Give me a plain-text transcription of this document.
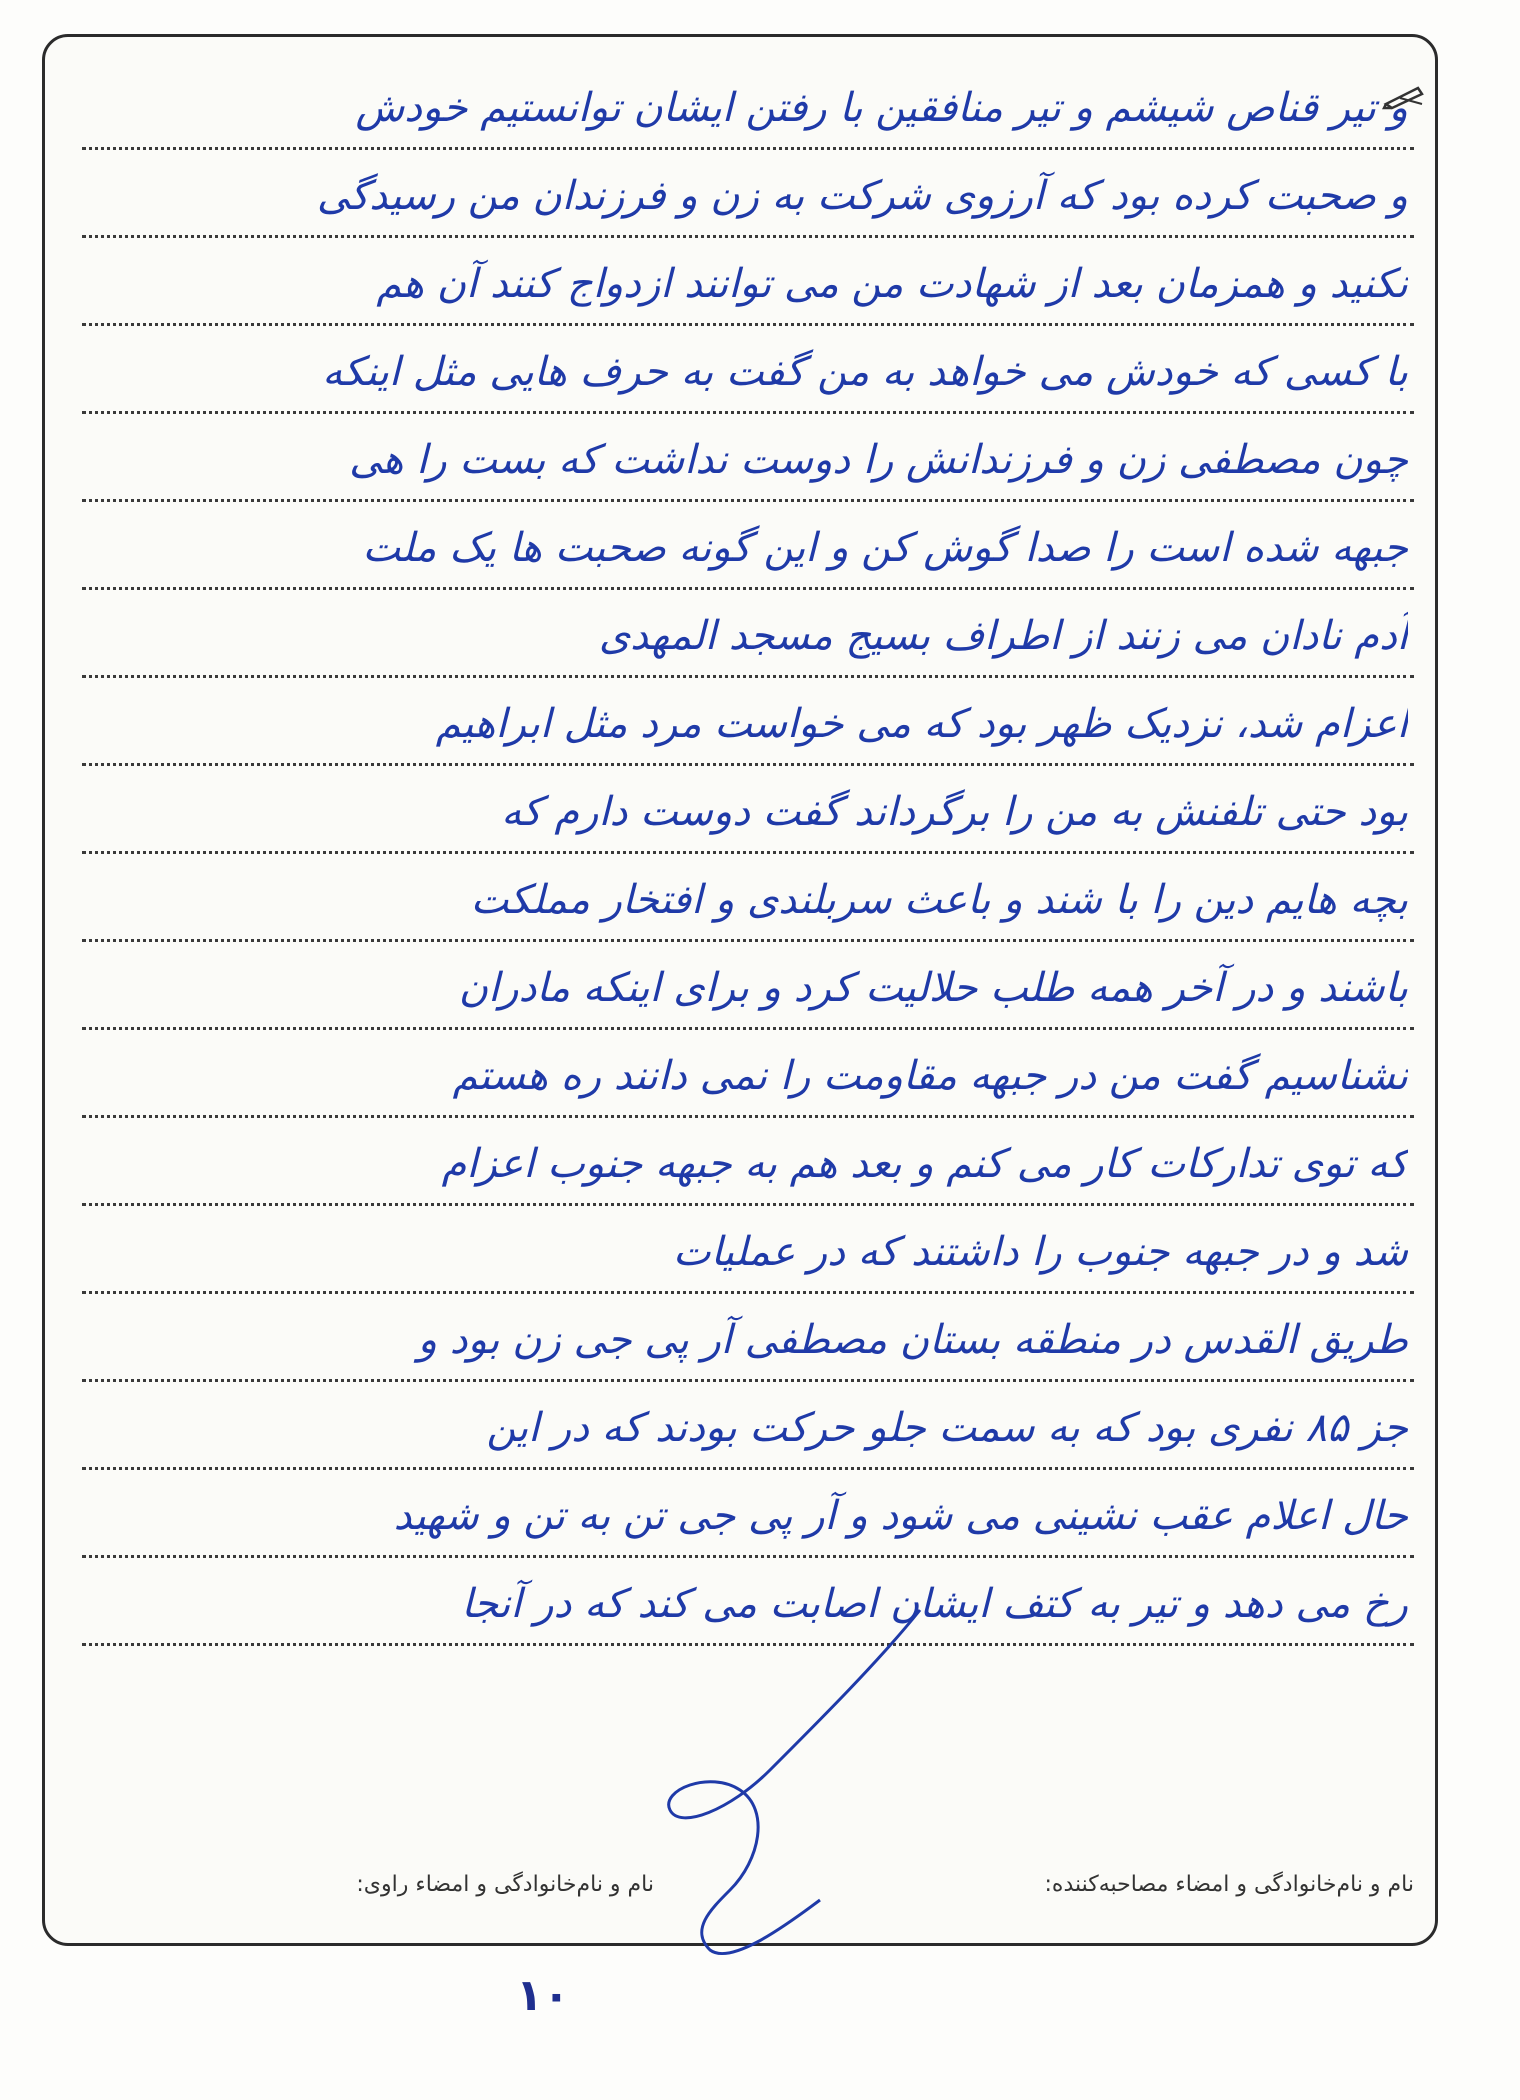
و تیر قناص شیشم و تیر منافقین با رفتن ایشان توانستیم خودش
و صحبت کرده بود که آرزوی شرکت به زن و فرزندان من رسیدگی
نکنید و همزمان بعد از شهادت من می توانند ازدواج کنند آن هم
با کسی که خودش می خواهد به من گفت به حرف هایی مثل اینکه
چون مصطفی زن و فرزندانش را دوست نداشت که بست را هی
جبهه شده است را صدا گوش کن و این گونه صحبت ها یک ملت
آدم نادان می زنند از اطراف بسیج مسجد المهدی
اعزام شد، نزدیک ظهر بود که می خواست مرد مثل ابراهیم
بود حتی تلفنش به من را برگرداند گفت دوست دارم که
بچه هایم دین را با شند و باعث سربلندی و افتخار مملکت
باشند و در آخر همه طلب حلالیت کرد و برای اینکه مادران
نشناسیم گفت من در جبهه مقاومت را نمی دانند ره هستم
که توی تدارکات کار می کنم و بعد هم به جبهه جنوب اعزام
شد و در جبهه جنوب را داشتند که در عملیات
طریق القدس در منطقه بستان مصطفی آر پی جی زن بود و
جز ۸۵ نفری بود که به سمت جلو حرکت بودند که در این
حال اعلام عقب نشینی می شود و آر پی جی تن به تن و شهید
رخ می دهد و تیر به کتف ایشان اصابت می کند که در آنجا
نام و نام‌خانوادگی و امضاء مصاحبه‌کننده:
نام و نام‌خانوادگی و امضاء راوی:
۱۰
